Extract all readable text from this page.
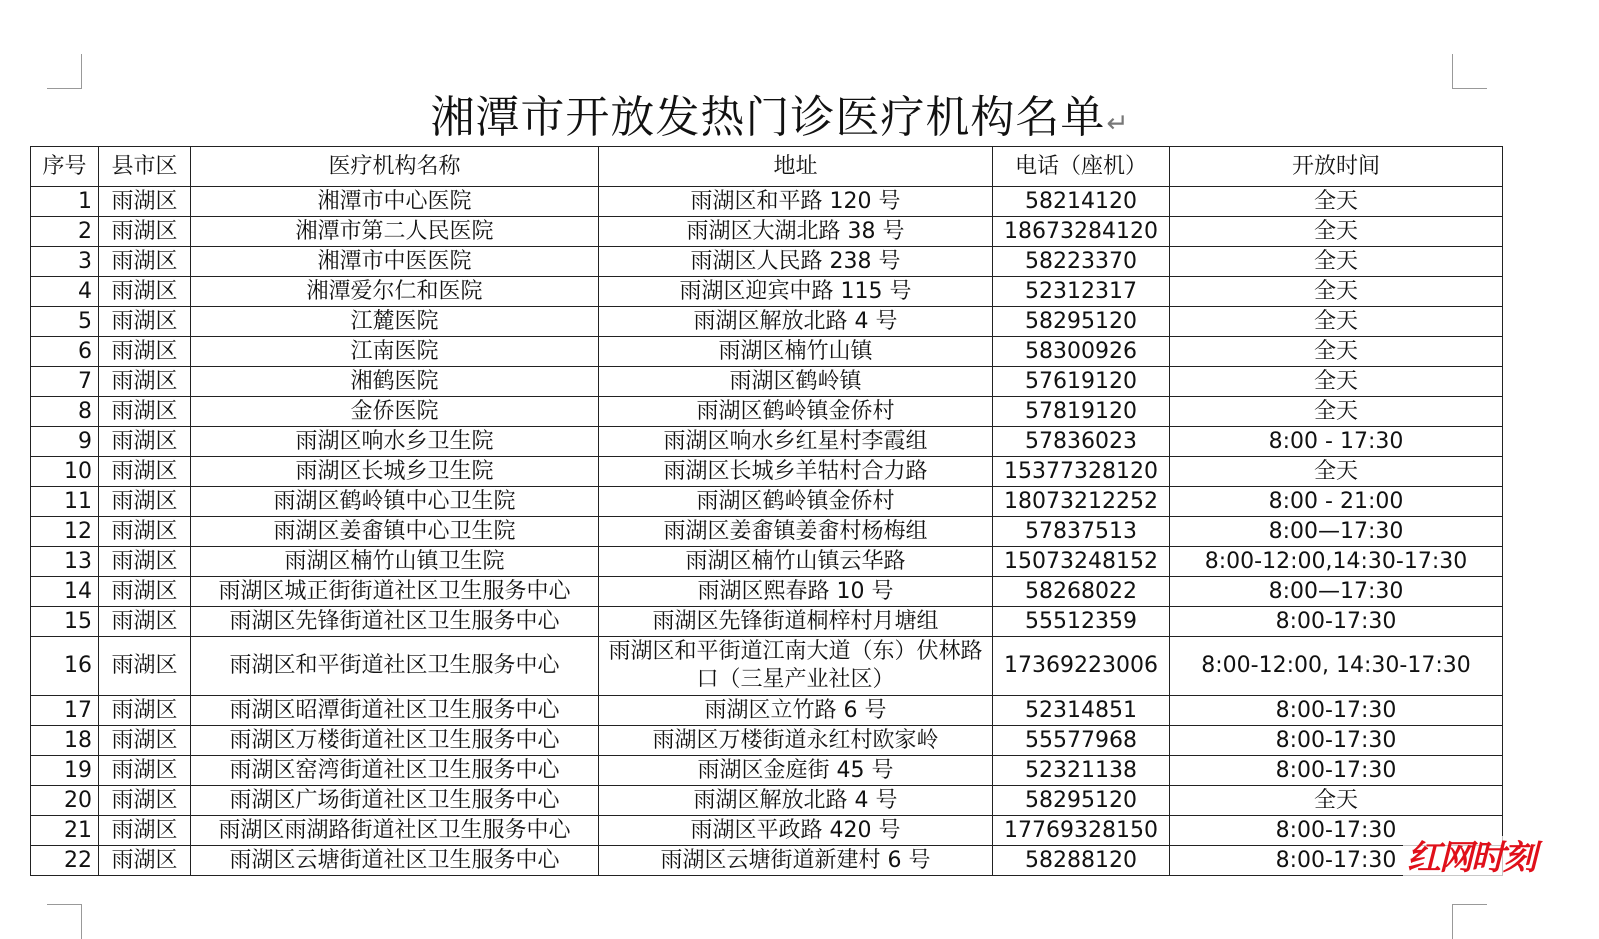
湘潭市开放发热门诊医疗机构名单↵
序号	县市区	医疗机构名称	地址	电话（座机）	开放时间
1	雨湖区	湘潭市中心医院	雨湖区和平路 120 号	58214120	全天
2	雨湖区	湘潭市第二人民医院	雨湖区大湖北路 38 号	18673284120	全天
3	雨湖区	湘潭市中医医院	雨湖区人民路 238 号	58223370	全天
4	雨湖区	湘潭爱尔仁和医院	雨湖区迎宾中路 115 号	52312317	全天
5	雨湖区	江麓医院	雨湖区解放北路 4 号	58295120	全天
6	雨湖区	江南医院	雨湖区楠竹山镇	58300926	全天
7	雨湖区	湘鹤医院	雨湖区鹤岭镇	57619120	全天
8	雨湖区	金侨医院	雨湖区鹤岭镇金侨村	57819120	全天
9	雨湖区	雨湖区响水乡卫生院	雨湖区响水乡红星村李霞组	57836023	8:00 - 17:30
10	雨湖区	雨湖区长城乡卫生院	雨湖区长城乡羊牯村合力路	15377328120	全天
11	雨湖区	雨湖区鹤岭镇中心卫生院	雨湖区鹤岭镇金侨村	18073212252	8:00 - 21:00
12	雨湖区	雨湖区姜畬镇中心卫生院	雨湖区姜畬镇姜畬村杨梅组	57837513	8:00—17:30
13	雨湖区	雨湖区楠竹山镇卫生院	雨湖区楠竹山镇云华路	15073248152	8:00-12:00,14:30-17:30
14	雨湖区	雨湖区城正街街道社区卫生服务中心	雨湖区熙春路 10 号	58268022	8:00—17:30
15	雨湖区	雨湖区先锋街道社区卫生服务中心	雨湖区先锋街道桐梓村月塘组	55512359	8:00-17:30
16	雨湖区	雨湖区和平街道社区卫生服务中心	雨湖区和平街道江南大道（东）伏林路口（三星产业社区）	17369223006	8:00-12:00, 14:30-17:30
17	雨湖区	雨湖区昭潭街道社区卫生服务中心	雨湖区立竹路 6 号	52314851	8:00-17:30
18	雨湖区	雨湖区万楼街道社区卫生服务中心	雨湖区万楼街道永红村欧家岭	55577968	8:00-17:30
19	雨湖区	雨湖区窑湾街道社区卫生服务中心	雨湖区金庭街 45 号	52321138	8:00-17:30
20	雨湖区	雨湖区广场街道社区卫生服务中心	雨湖区解放北路 4 号	58295120	全天
21	雨湖区	雨湖区雨湖路街道社区卫生服务中心	雨湖区平政路 420 号	17769328150	8:00-17:30
22	雨湖区	雨湖区云塘街道社区卫生服务中心	雨湖区云塘街道新建村 6 号	58288120	8:00-17:30 红网时刻
